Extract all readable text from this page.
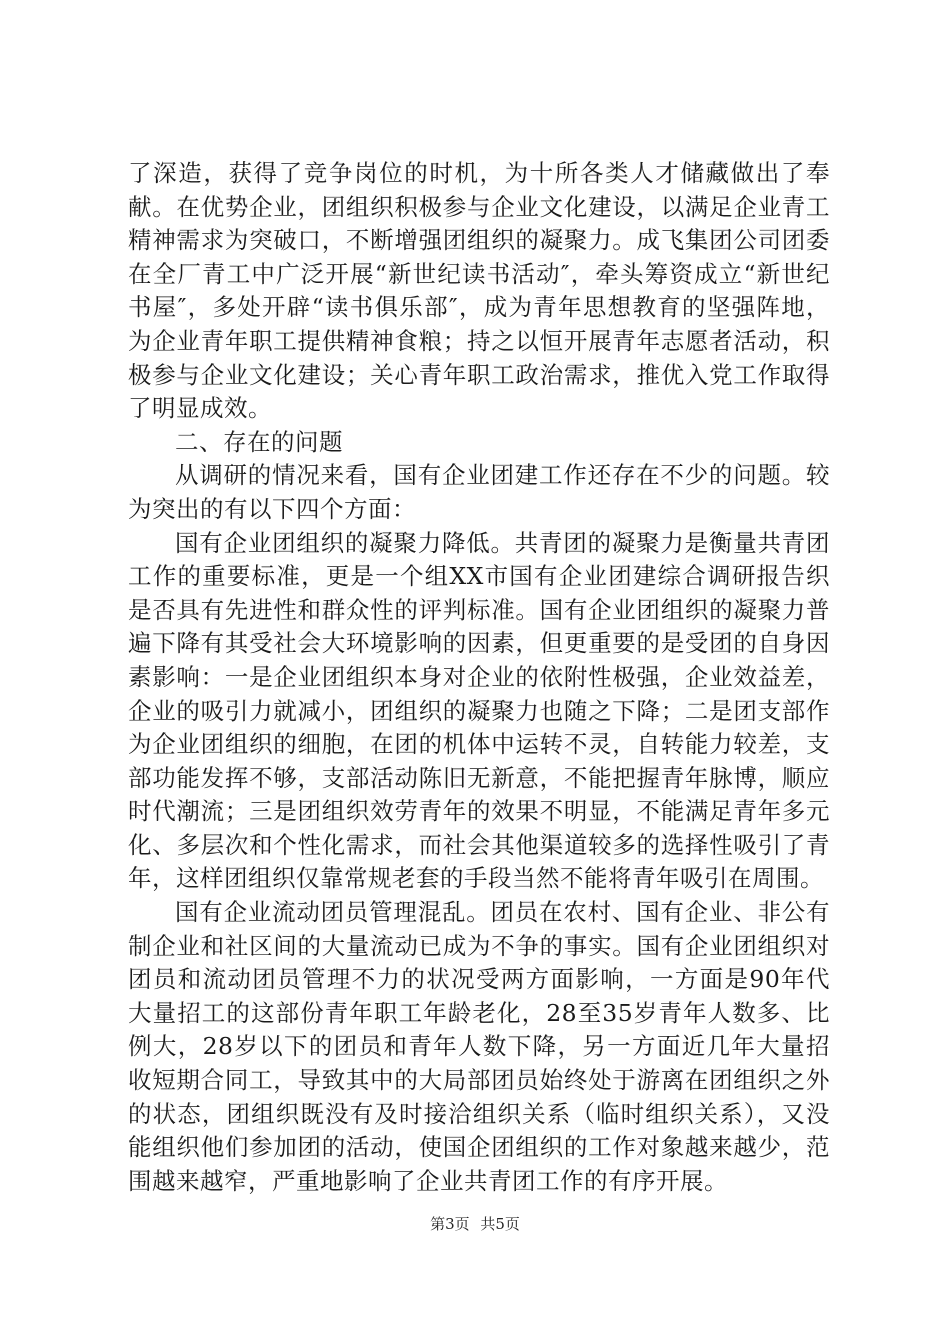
了深造，获得了竞争岗位的时机，为十所各类人才储藏做出了奉献。在优势企业，团组织积极参与企业文化建设，以满足企业青工精神需求为突破口，不断增强团组织的凝聚力。成飞集团公司团委在全厂青工中广泛开展“新世纪读书活动″，牵头筹资成立“新世纪书屋″，多处开辟“读书俱乐部″，成为青年思想教育的坚强阵地，为企业青年职工提供精神食粮；持之以恒开展青年志愿者活动，积极参与企业文化建设；关心青年职工政治需求，推优入党工作取得了明显成效。

二、存在的问题

从调研的情况来看，国有企业团建工作还存在不少的问题。较为突出的有以下四个方面：

国有企业团组织的凝聚力降低。共青团的凝聚力是衡量共青团工作的重要标准，更是一个组XX市国有企业团建综合调研报告织是否具有先进性和群众性的评判标准。国有企业团组织的凝聚力普遍下降有其受社会大环境影响的因素，但更重要的是受团的自身因素影响：一是企业团组织本身对企业的依附性极强，企业效益差，企业的吸引力就减小，团组织的凝聚力也随之下降；二是团支部作为企业团组织的细胞，在团的机体中运转不灵，自转能力较差，支部功能发挥不够，支部活动陈旧无新意，不能把握青年脉博，顺应时代潮流；三是团组织效劳青年的效果不明显，不能满足青年多元化、多层次和个性化需求，而社会其他渠道较多的选择性吸引了青年，这样团组织仅靠常规老套的手段当然不能将青年吸引在周围。

国有企业流动团员管理混乱。团员在农村、国有企业、非公有制企业和社区间的大量流动已成为不争的事实。国有企业团组织对团员和流动团员管理不力的状况受两方面影响，一方面是90年代大量招工的这部份青年职工年龄老化，28至35岁青年人数多、比例大，28岁以下的团员和青年人数下降，另一方面近几年大量招收短期合同工，导致其中的大局部团员始终处于游离在团组织之外的状态，团组织既没有及时接洽组织关系（临时组织关系），又没能组织他们参加团的活动，使国企团组织的工作对象越来越少，范围越来越窄，严重地影响了企业共青团工作的有序开展。

第3页 共5页
